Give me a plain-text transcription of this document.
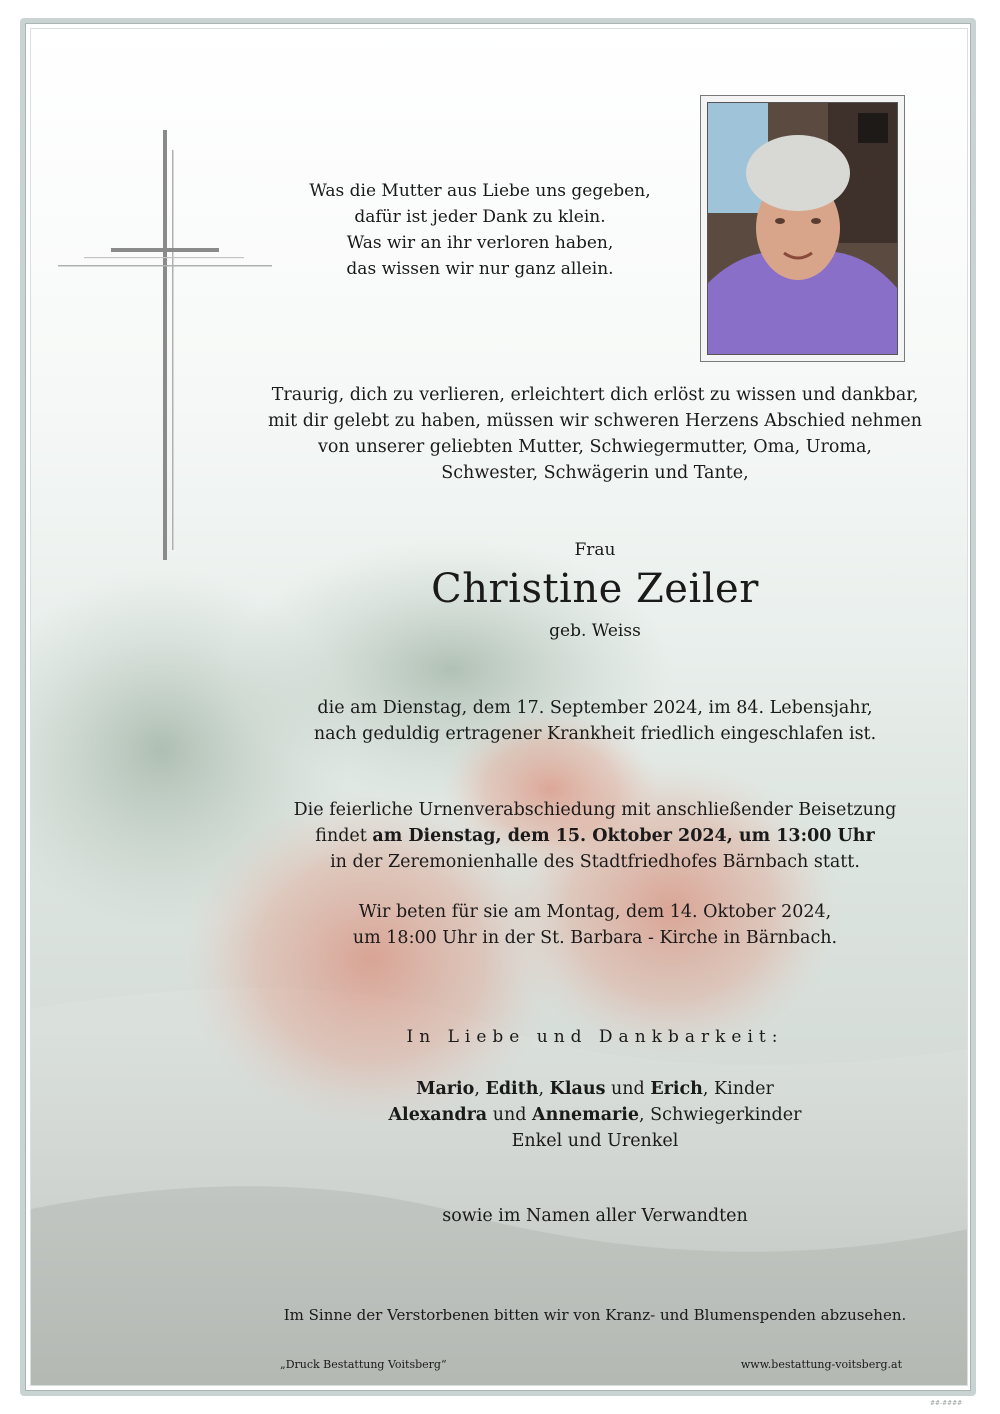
Was die Mutter aus Liebe uns gegeben,
dafür ist jeder Dank zu klein.
Was wir an ihr verloren haben,
das wissen wir nur ganz allein.
Traurig, dich zu verlieren, erleichtert dich erlöst zu wissen und dankbar,
mit dir gelebt zu haben, müssen wir schweren Herzens Abschied nehmen
von unserer geliebten Mutter, Schwiegermutter, Oma, Uroma,
Schwester, Schwägerin und Tante,
Frau
Christine Zeiler
geb. Weiss
die am Dienstag, dem 17. September 2024, im 84. Lebensjahr,
nach geduldig ertragener Krankheit friedlich eingeschlafen ist.
Die feierliche Urnenverabschiedung mit anschließender Beisetzung
findet am Dienstag, dem 15. Oktober 2024, um 13:00 Uhr
in der Zeremonienhalle des Stadtfriedhofes Bärnbach statt.
Wir beten für sie am Montag, dem 14. Oktober 2024,
um 18:00 Uhr in der St. Barbara - Kirche in Bärnbach.
In Liebe und Dankbarkeit:
Mario, Edith, Klaus und Erich, Kinder
Alexandra und Annemarie, Schwiegerkinder
Enkel und Urenkel
sowie im Namen aller Verwandten
Im Sinne der Verstorbenen bitten wir von Kranz- und Blumenspenden abzusehen.
„Druck Bestattung Voitsberg“	www.bestattung-voitsberg.at
##-####
